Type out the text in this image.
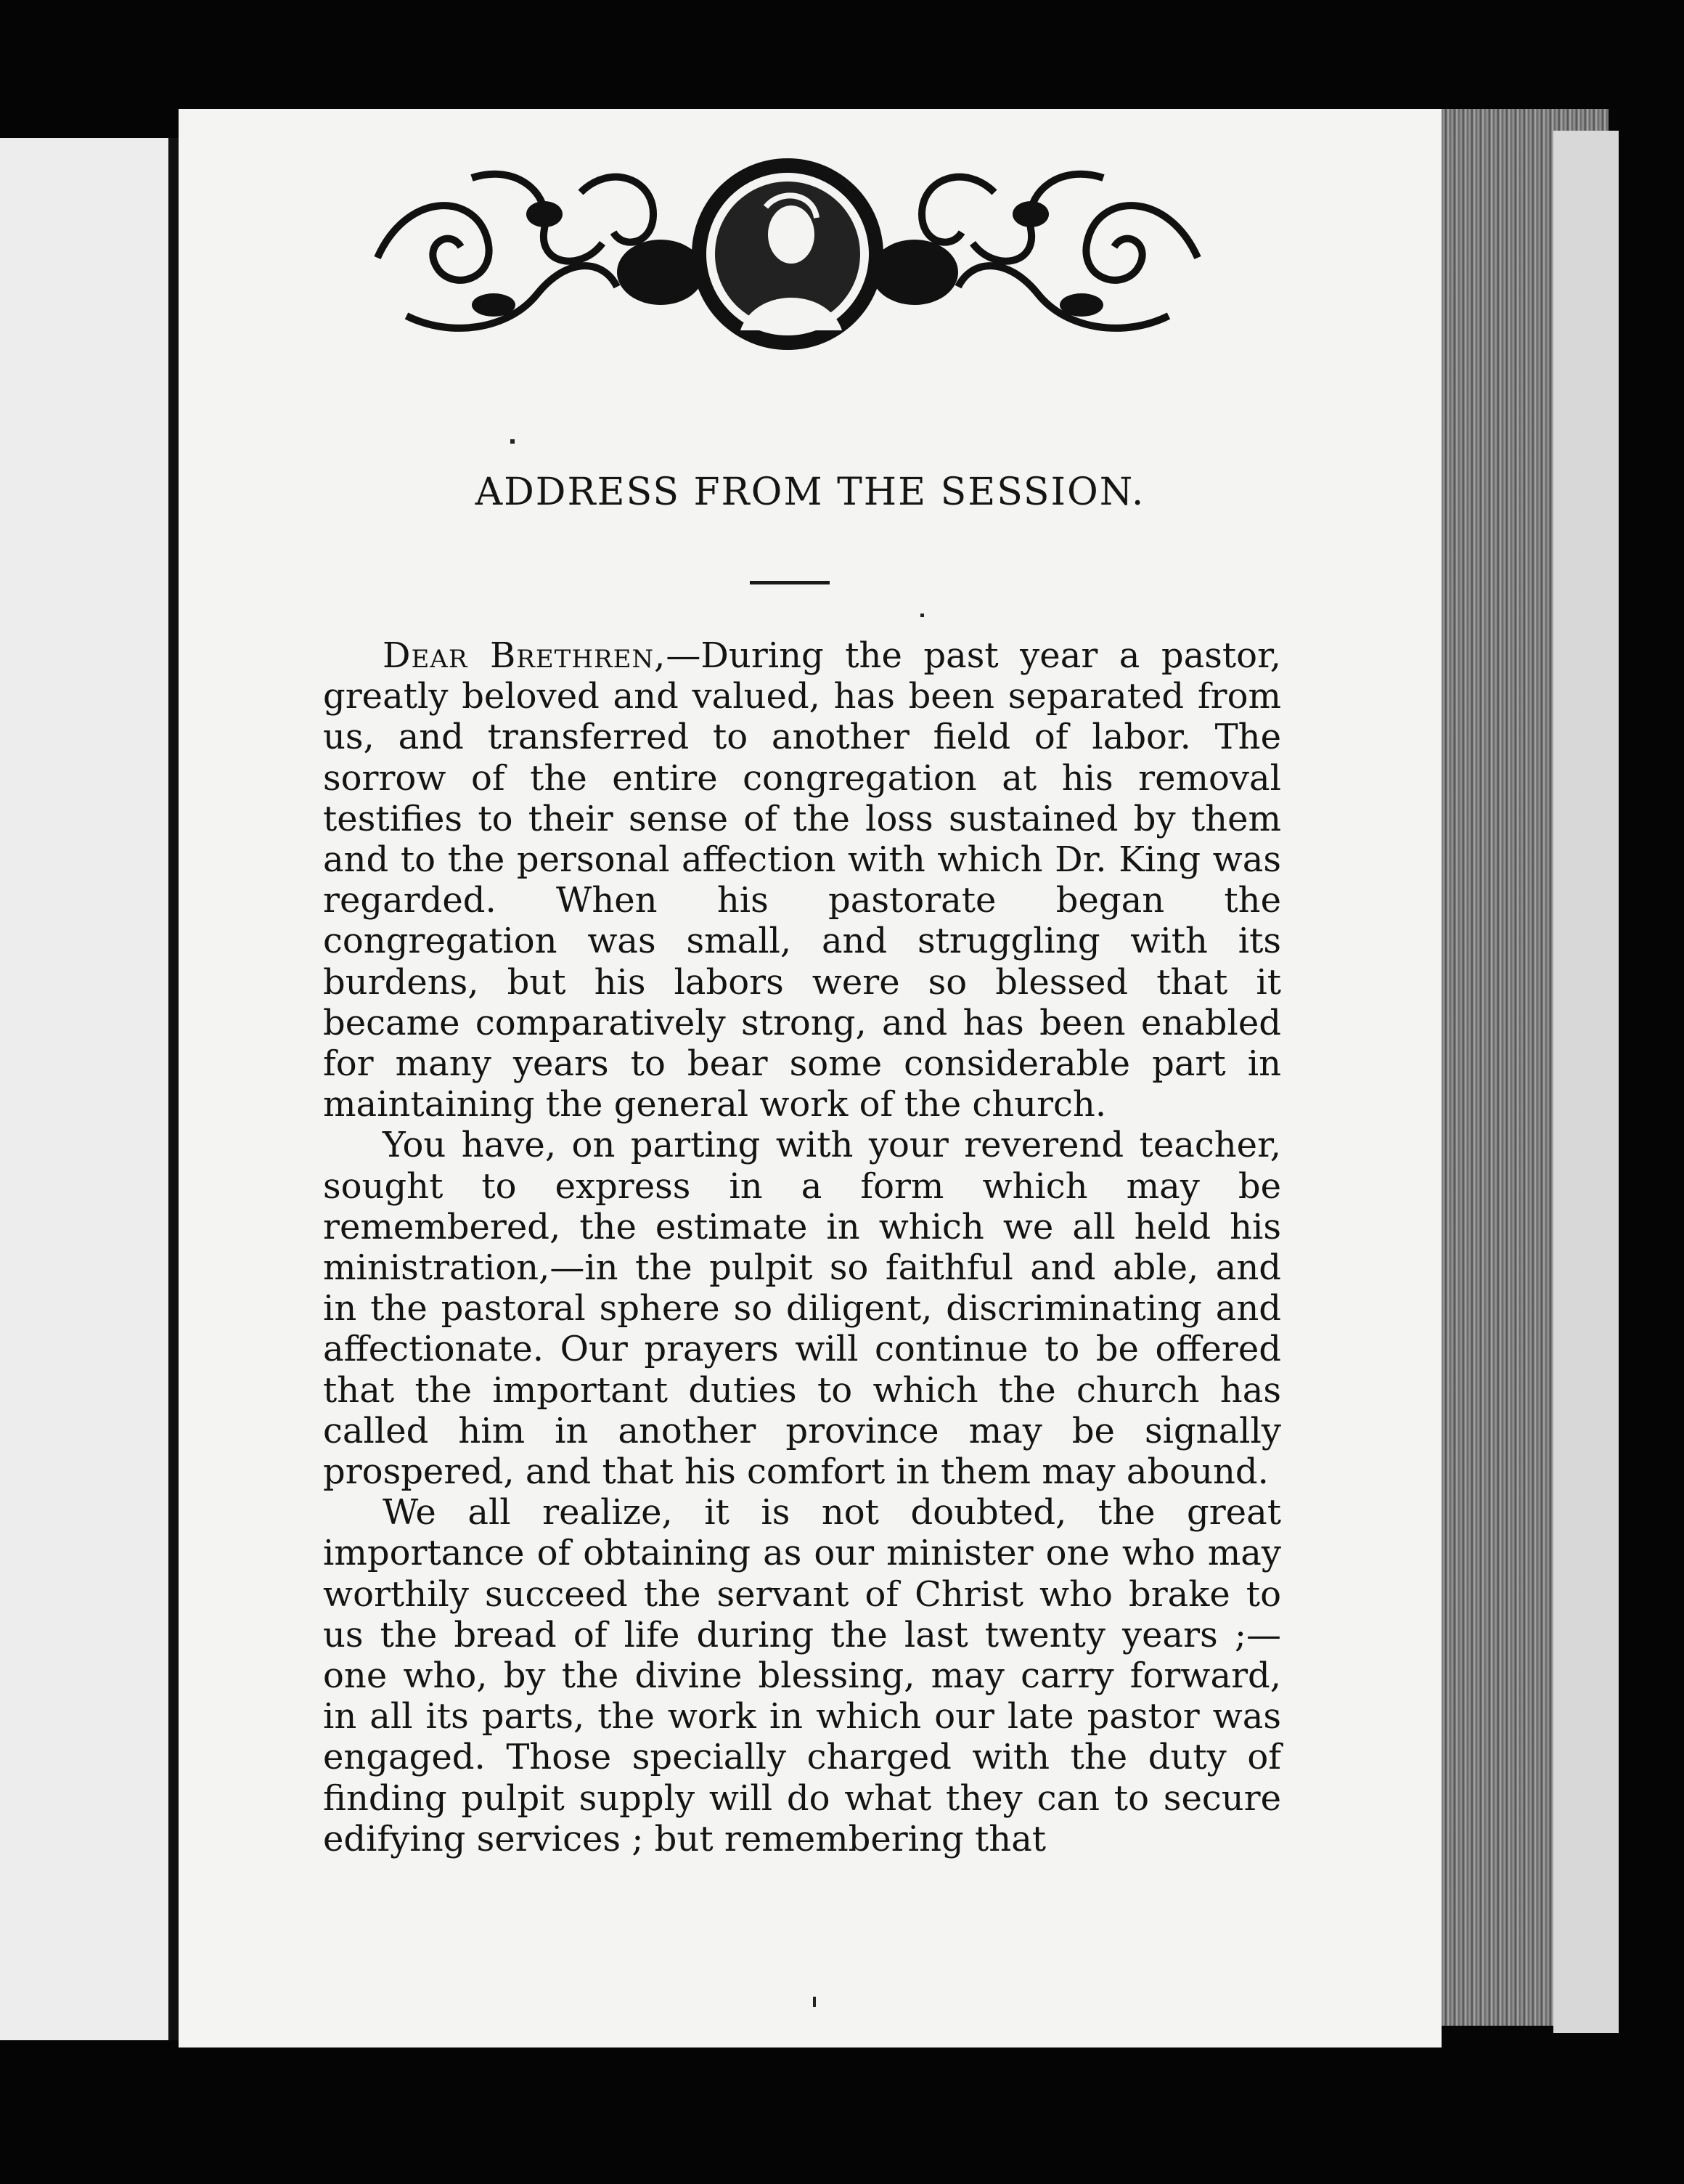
ADDRESS FROM THE SESSION.

Dear Brethren,—During the past year a pastor, greatly beloved and valued, has been separated from us, and transferred to another field of labor. The sorrow of the entire congregation at his removal testifies to their sense of the loss sustained by them and to the personal affection with which Dr. King was regarded. When his pastorate began the congregation was small, and struggling with its burdens, but his labors were so blessed that it became comparatively strong, and has been enabled for many years to bear some considerable part in maintaining the general work of the church.

You have, on parting with your reverend teacher, sought to express in a form which may be remembered, the estimate in which we all held his ministration,—in the pulpit so faithful and able, and in the pastoral sphere so diligent, discriminating and affectionate. Our prayers will continue to be offered that the important duties to which the church has called him in another province may be signally prospered, and that his comfort in them may abound.

We all realize, it is not doubted, the great importance of obtaining as our minister one who may worthily succeed the servant of Christ who brake to us the bread of life during the last twenty years ;—one who, by the divine blessing, may carry forward, in all its parts, the work in which our late pastor was engaged. Those specially charged with the duty of finding pulpit supply will do what they can to secure edifying services ; but remembering that
